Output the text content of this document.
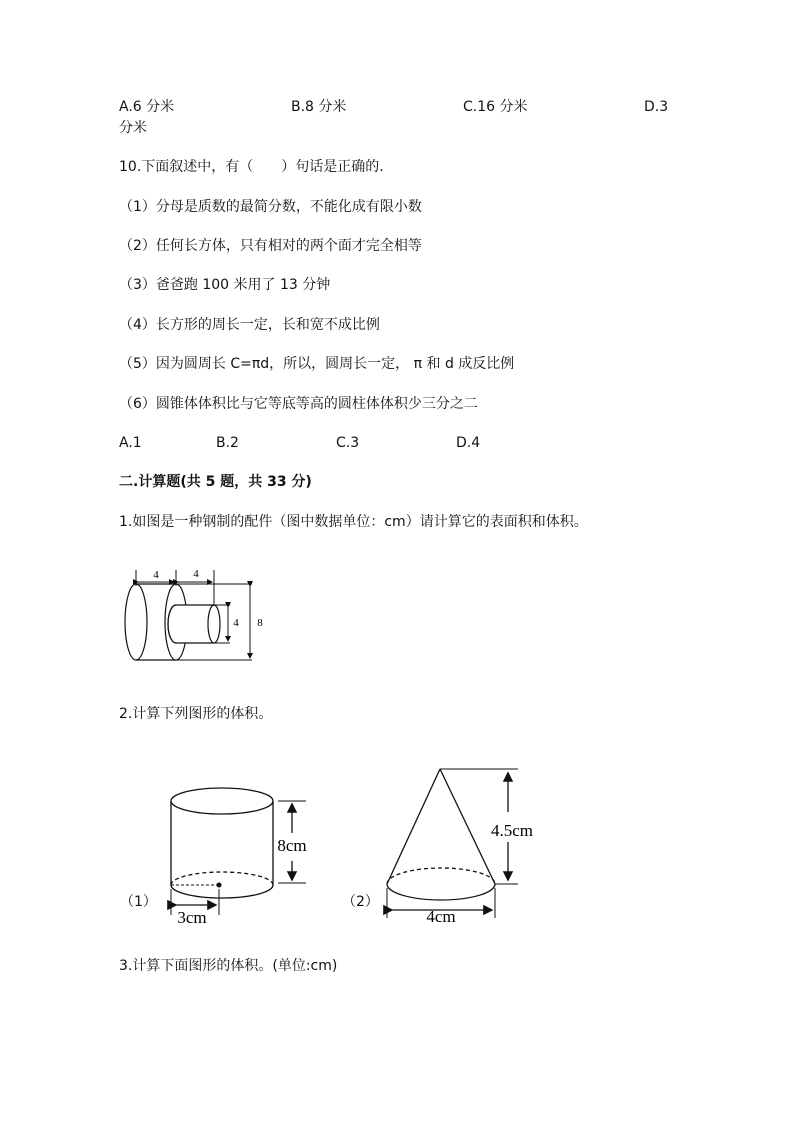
A.6 分米	B.8 分米	C.16 分米	D.3
分米
10.下面叙述中，有（　　）句话是正确的.
（1）分母是质数的最简分数，不能化成有限小数
（2）任何长方体，只有相对的两个面才完全相等
（3）爸爸跑 100 米用了 13 分钟
（4）长方形的周长一定，长和宽不成比例
（5）因为圆周长 C=πd，所以，圆周长一定， π 和 d 成反比例
（6）圆锥体体积比与它等底等高的圆柱体体积少三分之二
A.1	B.2	C.3	D.4
二.计算题(共 5 题，共 33 分)
1.如图是一种钢制的配件（图中数据单位：cm）请计算它的表面积和体积。
4	4
4 8
2.计算下列图形的体积。
8cm
3cm
（1）
4.5cm
4cm
（2）
3.计算下面图形的体积。(单位:cm)
